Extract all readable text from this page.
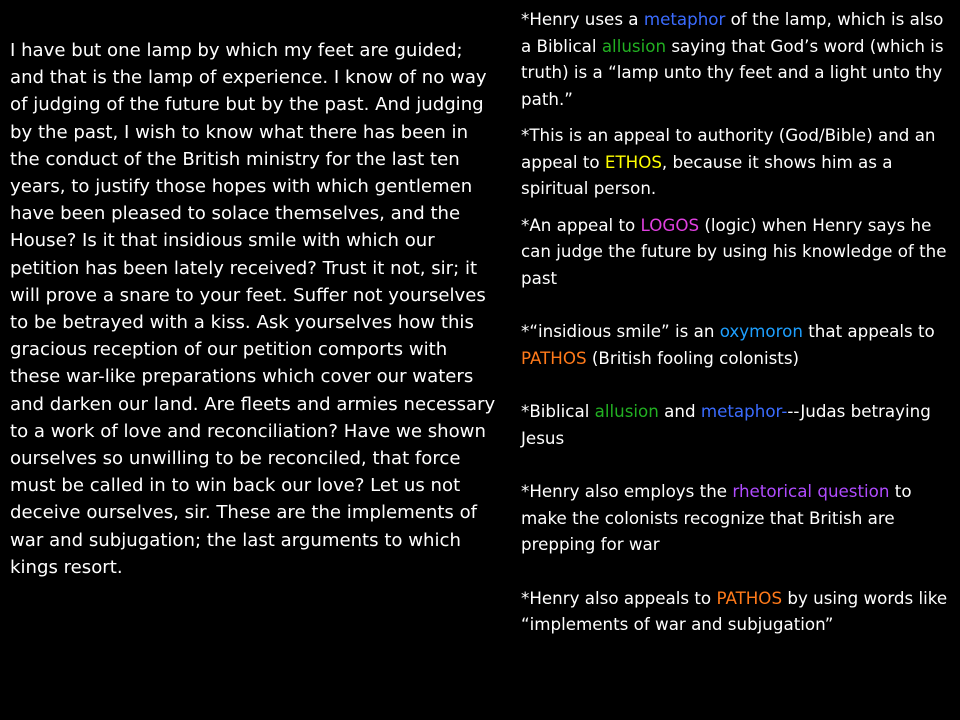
I have but one lamp by which my feet are guided; and that is the lamp of experience. I know of no way of judging of the future but by the past. And judging by the past, I wish to know what there has been in the conduct of the British ministry for the last ten years, to justify those hopes with which gentlemen have been pleased to solace themselves, and the House? Is it that insidious smile with which our petition has been lately received? Trust it not, sir; it will prove a snare to your feet. Suffer not yourselves to be betrayed with a kiss. Ask yourselves how this gracious reception of our petition comports with these war-like preparations which cover our waters and darken our land. Are fleets and armies necessary to a work of love and reconciliation? Have we shown ourselves so unwilling to be reconciled, that force must be called in to win back our love? Let us not deceive ourselves, sir. These are the implements of war and subjugation; the last arguments to which kings resort.

*Henry uses a metaphor of the lamp, which is also a Biblical allusion saying that God’s word (which is truth) is a “lamp unto thy feet and a light unto thy path.”

*This is an appeal to authority (God/Bible) and an appeal to ETHOS, because it shows him as a spiritual person.

*An appeal to LOGOS (logic) when Henry says he can judge the future by using his knowledge of the past

*“insidious smile” is an oxymoron that appeals to PATHOS (British fooling colonists)

*Biblical allusion and metaphor---Judas betraying Jesus

*Henry also employs the rhetorical question to make the colonists recognize that British are prepping for war

*Henry also appeals to PATHOS by using words like “implements of war and subjugation”
